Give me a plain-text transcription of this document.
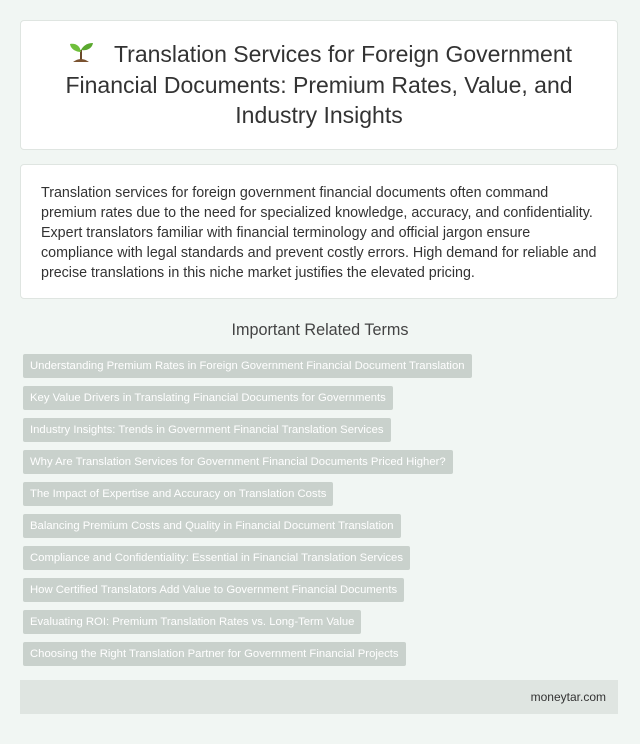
Translation Services for Foreign Government Financial Documents: Premium Rates, Value, and Industry Insights

Translation services for foreign government financial documents often command premium rates due to the need for specialized knowledge, accuracy, and confidentiality. Expert translators familiar with financial terminology and official jargon ensure compliance with legal standards and prevent costly errors. High demand for reliable and precise translations in this niche market justifies the elevated pricing.

Important Related Terms
Understanding Premium Rates in Foreign Government Financial Document Translation
Key Value Drivers in Translating Financial Documents for Governments
Industry Insights: Trends in Government Financial Translation Services
Why Are Translation Services for Government Financial Documents Priced Higher?
The Impact of Expertise and Accuracy on Translation Costs
Balancing Premium Costs and Quality in Financial Document Translation
Compliance and Confidentiality: Essential in Financial Translation Services
How Certified Translators Add Value to Government Financial Documents
Evaluating ROI: Premium Translation Rates vs. Long-Term Value
Choosing the Right Translation Partner for Government Financial Projects
moneytar.com
